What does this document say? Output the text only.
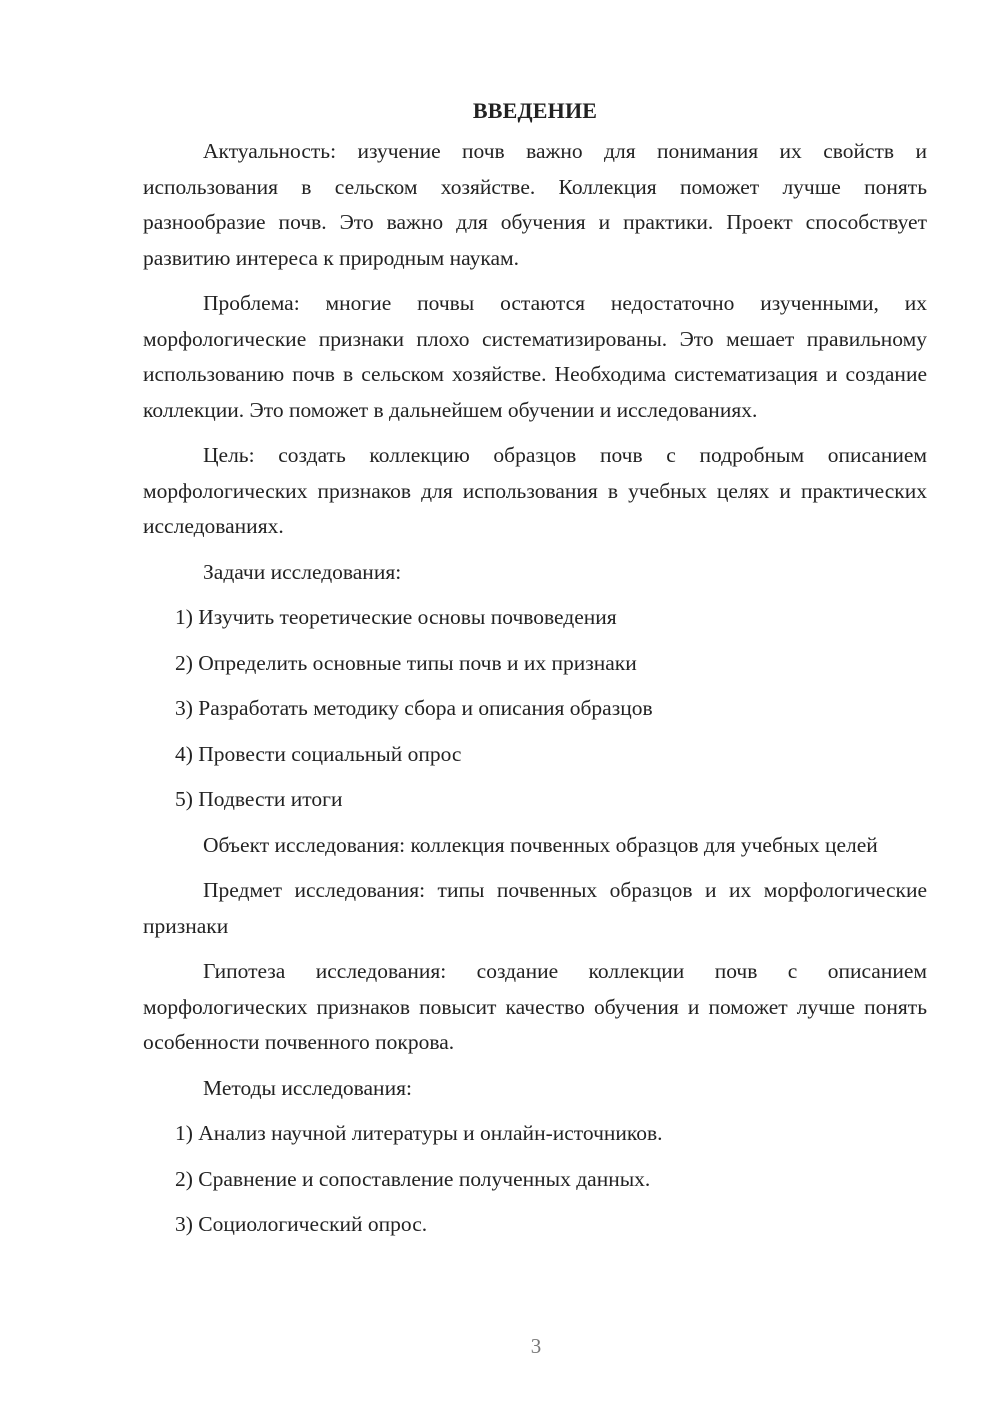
ВВЕДЕНИЕ

Актуальность: изучение почв важно для понимания их свойств и использования в сельском хозяйстве. Коллекция поможет лучше понять разнообразие почв. Это важно для обучения и практики. Проект способствует развитию интереса к природным наукам.

Проблема: многие почвы остаются недостаточно изученными, их морфологические признаки плохо систематизированы. Это мешает правильному использованию почв в сельском хозяйстве. Необходима систематизация и создание коллекции. Это поможет в дальнейшем обучении и исследованиях.

Цель: создать коллекцию образцов почв с подробным описанием морфологических признаков для использования в учебных целях и практических исследованиях.

Задачи исследования:
1) Изучить теоретические основы почвоведения
2) Определить основные типы почв и их признаки
3) Разработать методику сбора и описания образцов
4) Провести социальный опрос
5) Подвести итоги

Объект исследования: коллекция почвенных образцов для учебных целей

Предмет исследования: типы почвенных образцов и их морфологические признаки

Гипотеза исследования: создание коллекции почв с описанием морфологических признаков повысит качество обучения и поможет лучше понять особенности почвенного покрова.

Методы исследования:
1) Анализ научной литературы и онлайн-источников.
2) Сравнение и сопоставление полученных данных.
3) Социологический опрос.
3
